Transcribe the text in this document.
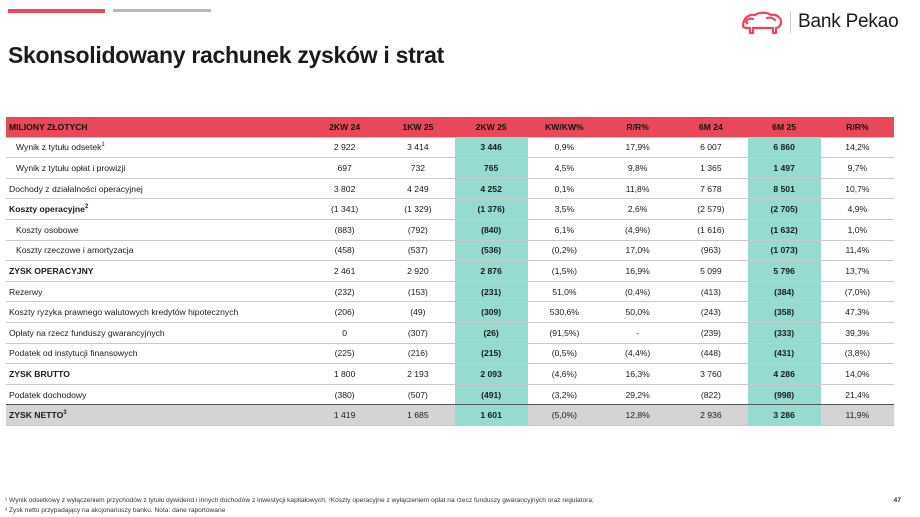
Bank Pekao
Skonsolidowany rachunek zysków i strat
MILIONY ZŁOTYCH	2KW 24	1KW 25	2KW 25	KW/KW%	R/R%	6M 24	6M 25	R/R%
Wynik z tytułu odsetek$^1$	2 922	3 414	3 446	0,9%	17,9%	6 007	6 860	14,2%
Wynik z tytułu opłat i prowizji	697	732	765	4,5%	9,8%	1 365	1 497	9,7%
Dochody z działalności operacyjnej	3 802	4 249	4 252	0,1%	11,8%	7 678	8 501	10,7%
Koszty operacyjne$^2$	(1 341)	(1 329)	(1 376)	3,5%	2,6%	(2 579)	(2 705)	4,9%
Koszty osobowe	(883)	(792)	(840)	6,1%	(4,9%)	(1 616)	(1 632)	1,0%
Koszty rzeczowe i amortyzacja	(458)	(537)	(536)	(0,2%)	17,0%	(963)	(1 073)	11,4%
ZYSK OPERACYJNY	2 461	2 920	2 876	(1,5%)	16,9%	5 099	5 796	13,7%
Rezerwy	(232)	(153)	(231)	51,0%	(0,4%)	(413)	(384)	(7,0%)
Koszty ryzyka prawnego walutowych kredytów hipotecznych	(206)	(49)	(309)	530,6%	50,0%	(243)	(358)	47,3%
Opłaty na rzecz funduszy gwarancyjnych	0	(307)	(26)	(91,5%)	-	(239)	(333)	39,3%
Podatek od instytucji finansowych	(225)	(216)	(215)	(0,5%)	(4,4%)	(448)	(431)	(3,8%)
ZYSK BRUTTO	1 800	2 193	2 093	(4,6%)	16,3%	3 760	4 286	14,0%
Podatek dochodowy	(380)	(507)	(491)	(3,2%)	29,2%	(822)	(998)	21,4%
ZYSK NETTO$^3$	1 419	1 685	1 601	(5,0%)	12,8%	2 936	3 286	11,9%
¹ Wynik odsetkowy z wyłączeniem przychodów z tytułu dywidend i innych dochodów z inwestycji kapitałowych; ²Koszty operacyjne z wyłączeniem opłat na rzecz funduszy gwarancyjnych oraz regulatora;
³ Zysk netto przypadający na akcjonariuszy banku. Nota: dane raportowane
47
